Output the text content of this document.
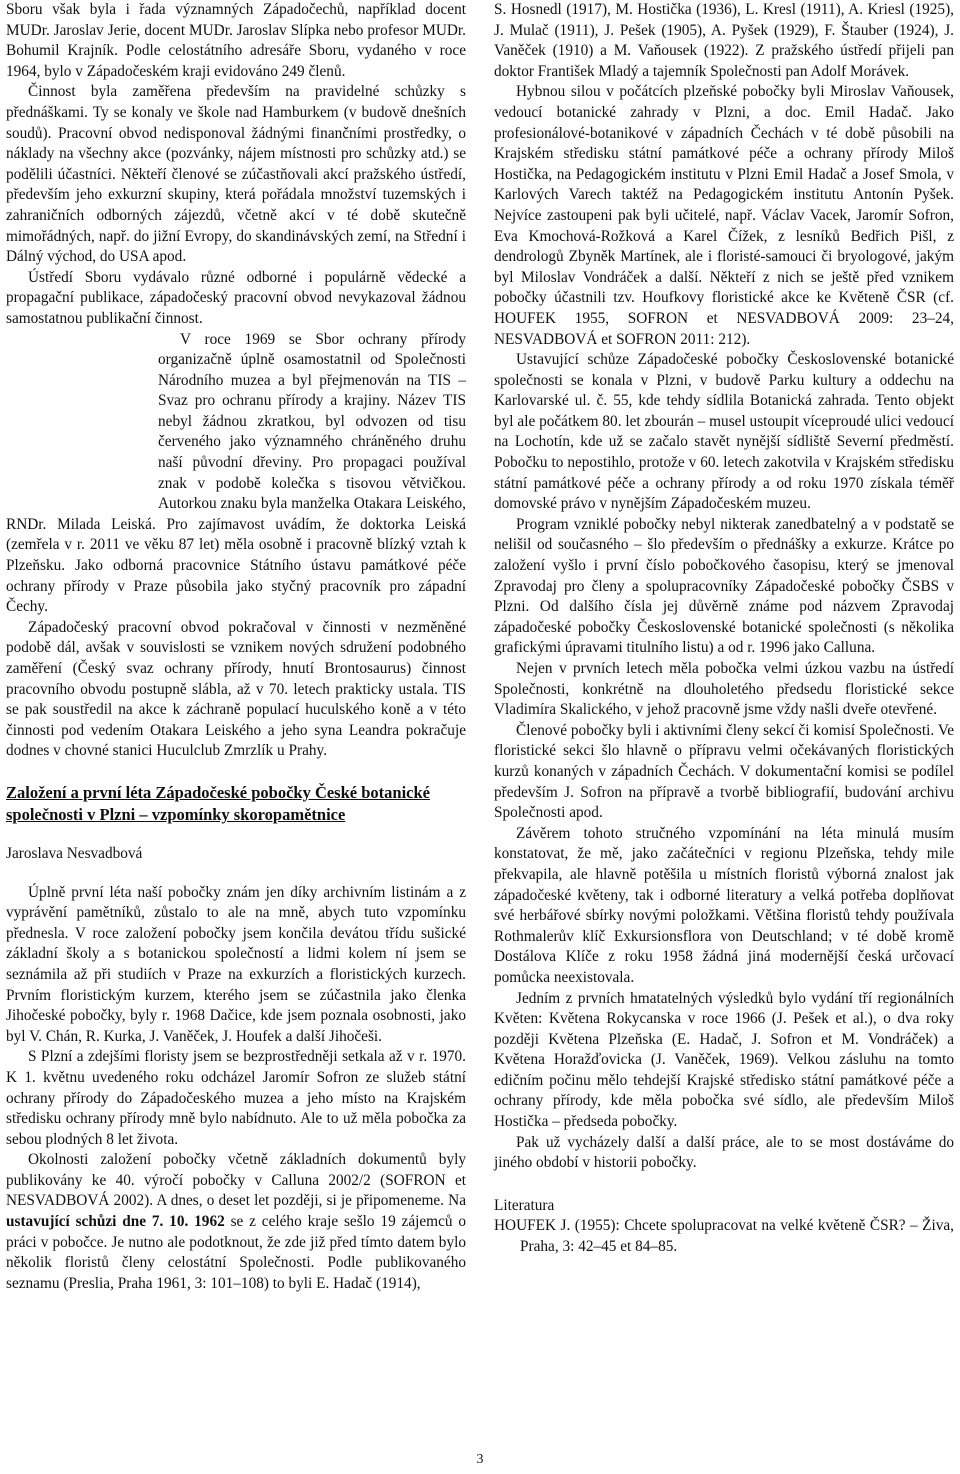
Sboru však byla i řada významných Západočechů, například docent MUDr. Jaroslav Jerie, docent MUDr. Jaroslav Slípka nebo profesor MUDr. Bohumil Krajník. Podle celostátního adresáře Sboru, vydaného v roce 1964, bylo v Západočeském kraji evidováno 249 členů.

Činnost byla zaměřena především na pravidelné schůzky s přednáškami. Ty se konaly ve škole nad Hamburkem (v budově dnešních soudů). Pracovní obvod nedisponoval žádnými finančními prostředky, o náklady na všechny akce (pozvánky, nájem místnosti pro schůzky atd.) se podělili účastníci. Někteří členové se zúčastňovali akcí pražského ústředí, především jeho exkurzní skupiny, která pořádala množství tuzemských i zahraničních odborných zájezdů, včetně akcí v té době skutečně mimořádných, např. do jižní Evropy, do skandinávských zemí, na Střední i Dálný východ, do USA apod.

Ústředí Sboru vydávalo různé odborné i populárně vědecké a propagační publikace, západočeský pracovní obvod nevykazoval žádnou samostatnou publikační činnost.

V roce 1969 se Sbor ochrany přírody organizačně úplně osamostatnil od Společnosti Národního muzea a byl přejmenován na TIS – Svaz pro ochranu přírody a krajiny. Název TIS nebyl žádnou zkratkou, byl odvozen od tisu červeného jako významného chráněného druhu naší původní dřeviny. Pro propagaci používal znak v podobě kolečka s tisovou větvičkou. Autorkou znaku byla manželka Otakara Leiského, RNDr. Milada Leiská. Pro zajímavost uvádím, že doktorka Leiská (zemřela v r. 2011 ve věku 87 let) měla osobně i pracovně blízký vztah k Plzeňsku. Jako odborná pracovnice Státního ústavu památkové péče ochrany přírody v Praze působila jako styčný pracovník pro západní Čechy.

Západočeský pracovní obvod pokračoval v činnosti v nezměněné podobě dál, avšak v souvislosti se vznikem nových sdružení podobného zaměření (Český svaz ochrany přírody, hnutí Brontosaurus) činnost pracovního obvodu postupně slábla, až v 70. letech prakticky ustala. TIS se pak soustředil na akce k záchraně populací huculského koně a v této činnosti pod vedením Otakara Leiského a jeho syna Leandra pokračuje dodnes v chovné stanici Huculclub Zmrzlík u Prahy.

Založení a první léta Západočeské pobočky České botanické společnosti v Plzni – vzpomínky skoropamětnice

Jaroslava Nesvadbová

Úplně první léta naší pobočky znám jen díky archivním listinám a z vyprávění pamětníků, zůstalo to ale na mně, abych tuto vzpomínku přednesla. V roce založení pobočky jsem končila devátou třídu sušické základní školy a s botanickou společností a lidmi kolem ní jsem se seznámila až při studiích v Praze na exkurzích a floristických kurzech. Prvním floristickým kurzem, kterého jsem se zúčastnila jako členka Jihočeské pobočky, byly r. 1968 Dačice, kde jsem poznala osobnosti, jako byl V. Chán, R. Kurka, J. Vaněček, J. Houfek a další Jihočeši.

S Plzní a zdejšími floristy jsem se bezprostředněji setkala až v r. 1970. K 1. květnu uvedeného roku odcházel Jaromír Sofron ze služeb státní ochrany přírody do Západočeského muzea a jeho místo na Krajském středisku ochrany přírody mně bylo nabídnuto. Ale to už měla pobočka za sebou plodných 8 let života.

Okolnosti založení pobočky včetně základních dokumentů byly publikovány ke 40. výročí pobočky v Calluna 2002/2 (SOFRON et NESVADBOVÁ 2002). A dnes, o deset let později, si je připomeneme. Na ustavující schůzi dne 7. 10. 1962 se z celého kraje sešlo 19 zájemců o práci v pobočce. Je nutno ale podotknout, že zde již před tímto datem bylo několik floristů členy celostátní Společnosti. Podle publikovaného seznamu (Preslia, Praha 1961, 3: 101–108) to byli E. Hadač (1914),

S. Hosnedl (1917), M. Hostička (1936), L. Kresl (1911), A. Kriesl (1925), J. Mulač (1911), J. Pešek (1905), A. Pyšek (1929), F. Štauber (1924), J. Vaněček (1910) a M. Vaňousek (1922). Z pražského ústředí přijeli pan doktor František Mladý a tajemník Společnosti pan Adolf Morávek.

Hybnou silou v počátcích plzeňské pobočky byli Miroslav Vaňousek, vedoucí botanické zahrady v Plzni, a doc. Emil Hadač. Jako profesionálové-botanikové v západních Čechách v té době působili na Krajském středisku státní památkové péče a ochrany přírody Miloš Hostička, na Pedagogickém institutu v Plzni Emil Hadač a Josef Smola, v Karlových Varech taktéž na Pedagogickém institutu Antonín Pyšek. Nejvíce zastoupeni pak byli učitelé, např. Václav Vacek, Jaromír Sofron, Eva Kmochová-Rožková a Karel Čížek, z lesníků Bedřich Pišl, z dendrologů Zbyněk Martínek, ale i floristé-samouci či bryologové, jakým byl Miloslav Vondráček a další. Někteří z nich se ještě před vznikem pobočky účastnili tzv. Houfkovy floristické akce ke Květeně ČSR (cf. HOUFEK 1955, SOFRON et NESVADBOVÁ 2009: 23–24, NESVADBOVÁ et SOFRON 2011: 212).

Ustavující schůze Západočeské pobočky Československé botanické společnosti se konala v Plzni, v budově Parku kultury a oddechu na Karlovarské ul. č. 55, kde tehdy sídlila Botanická zahrada. Tento objekt byl ale počátkem 80. let zbourán – musel ustoupit víceproudé ulici vedoucí na Lochotín, kde už se začalo stavět nynější sídliště Severní předměstí. Pobočku to nepostihlo, protože v 60. letech zakotvila v Krajském středisku státní památkové péče a ochrany přírody a od roku 1970 získala téměř domovské právo v nynějším Západočeském muzeu.

Program vzniklé pobočky nebyl nikterak zanedbatelný a v podstatě se nelišil od současného – šlo především o přednášky a exkurze. Krátce po založení vyšlo i první číslo pobočkového časopisu, který se jmenoval Zpravodaj pro členy a spolupracovníky Západočeské pobočky ČSBS v Plzni. Od dalšího čísla jej důvěrně známe pod názvem Zpravodaj západočeské pobočky Československé botanické společnosti (s několika grafickými úpravami titulního listu) a od r. 1996 jako Calluna.

Nejen v prvních letech měla pobočka velmi úzkou vazbu na ústředí Společnosti, konkrétně na dlouholetého předsedu floristické sekce Vladimíra Skalického, v jehož pracovně jsme vždy našli dveře otevřené.

Členové pobočky byli i aktivními členy sekcí či komisí Společnosti. Ve floristické sekci šlo hlavně o přípravu velmi očekávaných floristických kurzů konaných v západních Čechách. V dokumentační komisi se podílel především J. Sofron na přípravě a tvorbě bibliografií, budování archivu Společnosti apod.

Závěrem tohoto stručného vzpomínání na léta minulá musím konstatovat, že mě, jako začátečníci v regionu Plzeňska, tehdy mile překvapila, ale hlavně potěšila u místních floristů výborná znalost jak západočeské květeny, tak i odborné literatury a velká potřeba doplňovat své herbářové sbírky novými položkami. Většina floristů tehdy používala Rothmalerův klíč Exkursionsflora von Deutschland; v té době kromě Dostálova Klíče z roku 1958 žádná jiná modernější česká určovací pomůcka neexistovala.

Jedním z prvních hmatatelných výsledků bylo vydání tří regionálních Květen: Květena Rokycanska v roce 1966 (J. Pešek et al.), o dva roky později Květena Plzeňska (E. Hadač, J. Sofron et M. Vondráček) a Květena Horažďovicka (J. Vaněček, 1969). Velkou zásluhu na tomto edičním počinu mělo tehdejší Krajské středisko státní památkové péče a ochrany přírody, kde měla pobočka své sídlo, ale především Miloš Hostička – předseda pobočky.

Pak už vycházely další a další práce, ale to se most dostáváme do jiného období v historii pobočky.

Literatura

HOUFEK J. (1955): Chcete spolupracovat na velké květeně ČSR? – Živa, Praha, 3: 42–45 et 84–85.

3
